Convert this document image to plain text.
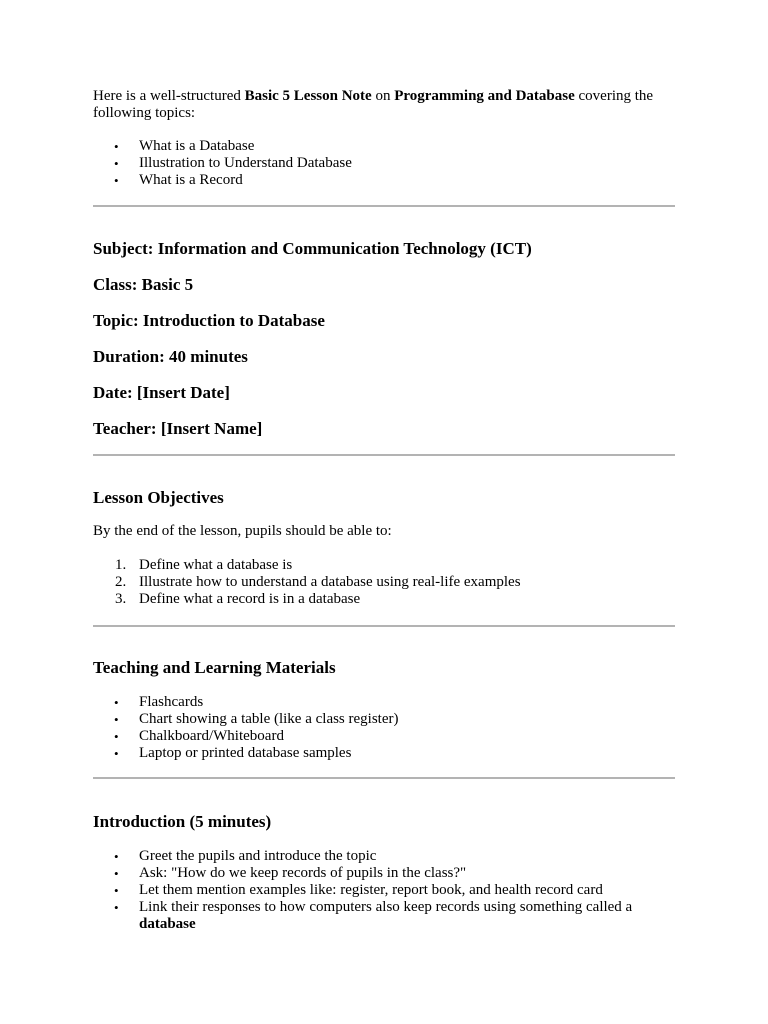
Here is a well-structured Basic 5 Lesson Note on Programming and Database covering the following topics:

• What is a Database
• Illustration to Understand Database
• What is a Record
Subject: Information and Communication Technology (ICT)
Class: Basic 5
Topic: Introduction to Database
Duration: 40 minutes
Date: [Insert Date]
Teacher: [Insert Name]
Lesson Objectives
By the end of the lesson, pupils should be able to:
1. Define what a database is
2. Illustrate how to understand a database using real-life examples
3. Define what a record is in a database
Teaching and Learning Materials
• Flashcards
• Chart showing a table (like a class register)
• Chalkboard/Whiteboard
• Laptop or printed database samples
Introduction (5 minutes)
• Greet the pupils and introduce the topic
• Ask: "How do we keep records of pupils in the class?"
• Let them mention examples like: register, report book, and health record card
• Link their responses to how computers also keep records using something called a
database
